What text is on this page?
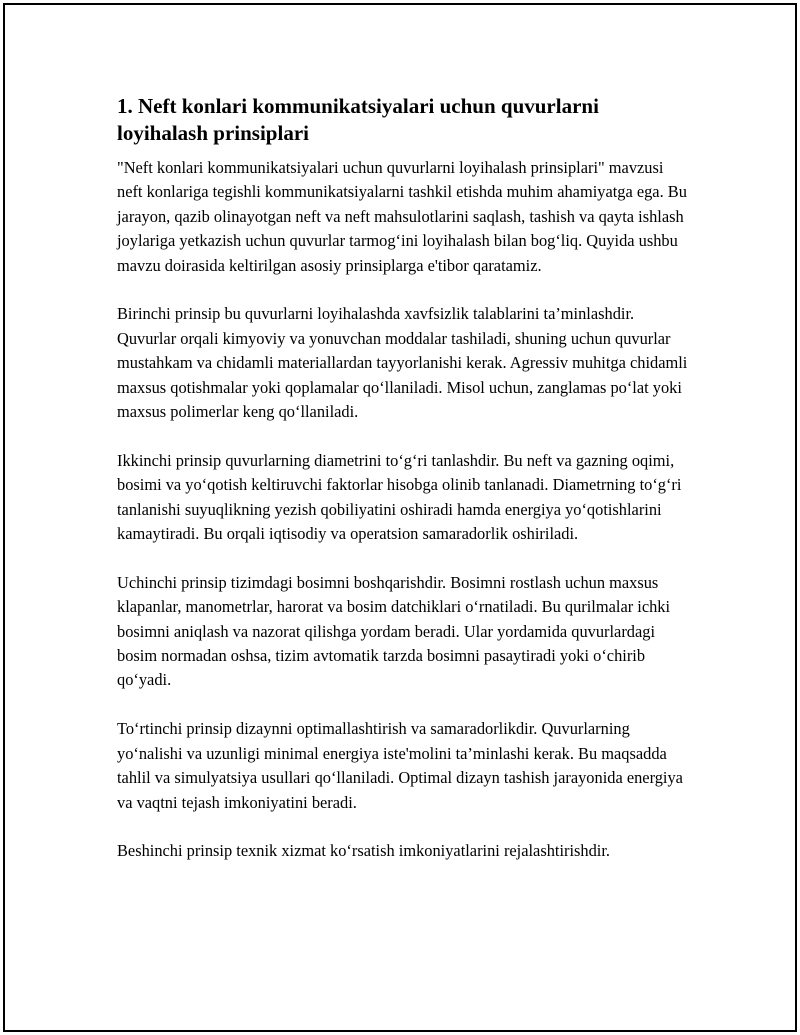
1. Neft konlari kommunikatsiyalari uchun quvurlarni loyihalash prinsiplari

"Neft konlari kommunikatsiyalari uchun quvurlarni loyihalash prinsiplari" mavzusi neft konlariga tegishli kommunikatsiyalarni tashkil etishda muhim ahamiyatga ega. Bu jarayon, qazib olinayotgan neft va neft mahsulotlarini saqlash, tashish va qayta ishlash joylariga yetkazish uchun quvurlar tarmog‘ini loyihalash bilan bog‘liq. Quyida ushbu mavzu doirasida keltirilgan asosiy prinsiplarga e'tibor qaratamiz.

Birinchi prinsip bu quvurlarni loyihalashda xavfsizlik talablarini ta’minlashdir. Quvurlar orqali kimyoviy va yonuvchan moddalar tashiladi, shuning uchun quvurlar mustahkam va chidamli materiallardan tayyorlanishi kerak. Agressiv muhitga chidamli maxsus qotishmalar yoki qoplamalar qo‘llaniladi. Misol uchun, zanglamas po‘lat yoki maxsus polimerlar keng qo‘llaniladi.

Ikkinchi prinsip quvurlarning diametrini to‘g‘ri tanlashdir. Bu neft va gazning oqimi, bosimi va yo‘qotish keltiruvchi faktorlar hisobga olinib tanlanadi. Diametrning to‘g‘ri tanlanishi suyuqlikning yezish qobiliyatini oshiradi hamda energiya yo‘qotishlarini kamaytiradi. Bu orqali iqtisodiy va operatsion samaradorlik oshiriladi.

Uchinchi prinsip tizimdagi bosimni boshqarishdir. Bosimni rostlash uchun maxsus klapanlar, manometrlar, harorat va bosim datchiklari o‘rnatiladi. Bu qurilmalar ichki bosimni aniqlash va nazorat qilishga yordam beradi. Ular yordamida quvurlardagi bosim normadan oshsa, tizim avtomatik tarzda bosimni pasaytiradi yoki o‘chirib qo‘yadi.

To‘rtinchi prinsip dizaynni optimallashtirish va samaradorlikdir. Quvurlarning yo‘nalishi va uzunligi minimal energiya iste'molini ta’minlashi kerak. Bu maqsadda tahlil va simulyatsiya usullari qo‘llaniladi. Optimal dizayn tashish jarayonida energiya va vaqtni tejash imkoniyatini beradi.

Beshinchi prinsip texnik xizmat ko‘rsatish imkoniyatlarini rejalashtirishdir.
